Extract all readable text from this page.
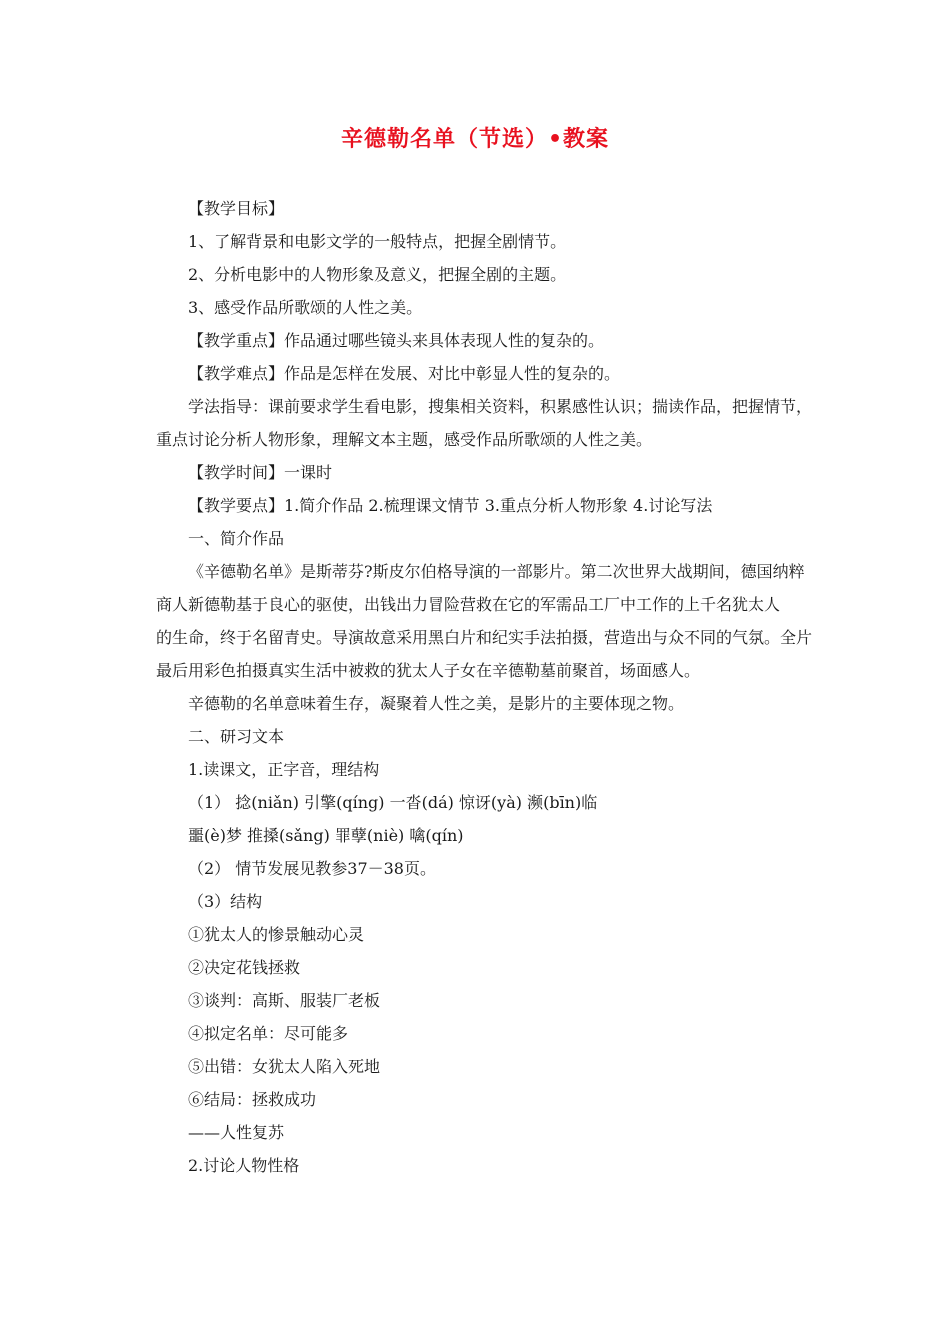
辛德勒名单（节选）•教案
【教学目标】
1、了解背景和电影文学的一般特点，把握全剧情节。
2、分析电影中的人物形象及意义，把握全剧的主题。
3、感受作品所歌颂的人性之美。
【教学重点】作品通过哪些镜头来具体表现人性的复杂的。
【教学难点】作品是怎样在发展、对比中彰显人性的复杂的。
学法指导：课前要求学生看电影，搜集相关资料，积累感性认识；揣读作品，把握情节，
重点讨论分析人物形象，理解文本主题，感受作品所歌颂的人性之美。
【教学时间】一课时
【教学要点】1.简介作品 2.梳理课文情节 3.重点分析人物形象 4.讨论写法
一、简介作品
《辛德勒名单》是斯蒂芬?斯皮尔伯格导演的一部影片。第二次世界大战期间，德国纳粹
商人新德勒基于良心的驱使，出钱出力冒险营救在它的军需品工厂中工作的上千名犹太人
的生命，终于名留青史。导演故意采用黑白片和纪实手法拍摄，营造出与众不同的气氛。全片
最后用彩色拍摄真实生活中被救的犹太人子女在辛德勒墓前聚首，场面感人。
辛德勒的名单意味着生存，凝聚着人性之美，是影片的主要体现之物。
二、研习文本
1.读课文，正字音，理结构
（1） 捻(niǎn) 引擎(qíng) 一沓(dá) 惊讶(yà) 濒(bīn)临
噩(è)梦 推搡(sǎng) 罪孽(niè) 噙(qín)
（2） 情节发展见教参37－38页。
（3）结构
①犹太人的惨景触动心灵
②决定花钱拯救
③谈判：高斯、服装厂老板
④拟定名单：尽可能多
⑤出错：女犹太人陷入死地
⑥结局：拯救成功
——人性复苏
2.讨论人物性格
